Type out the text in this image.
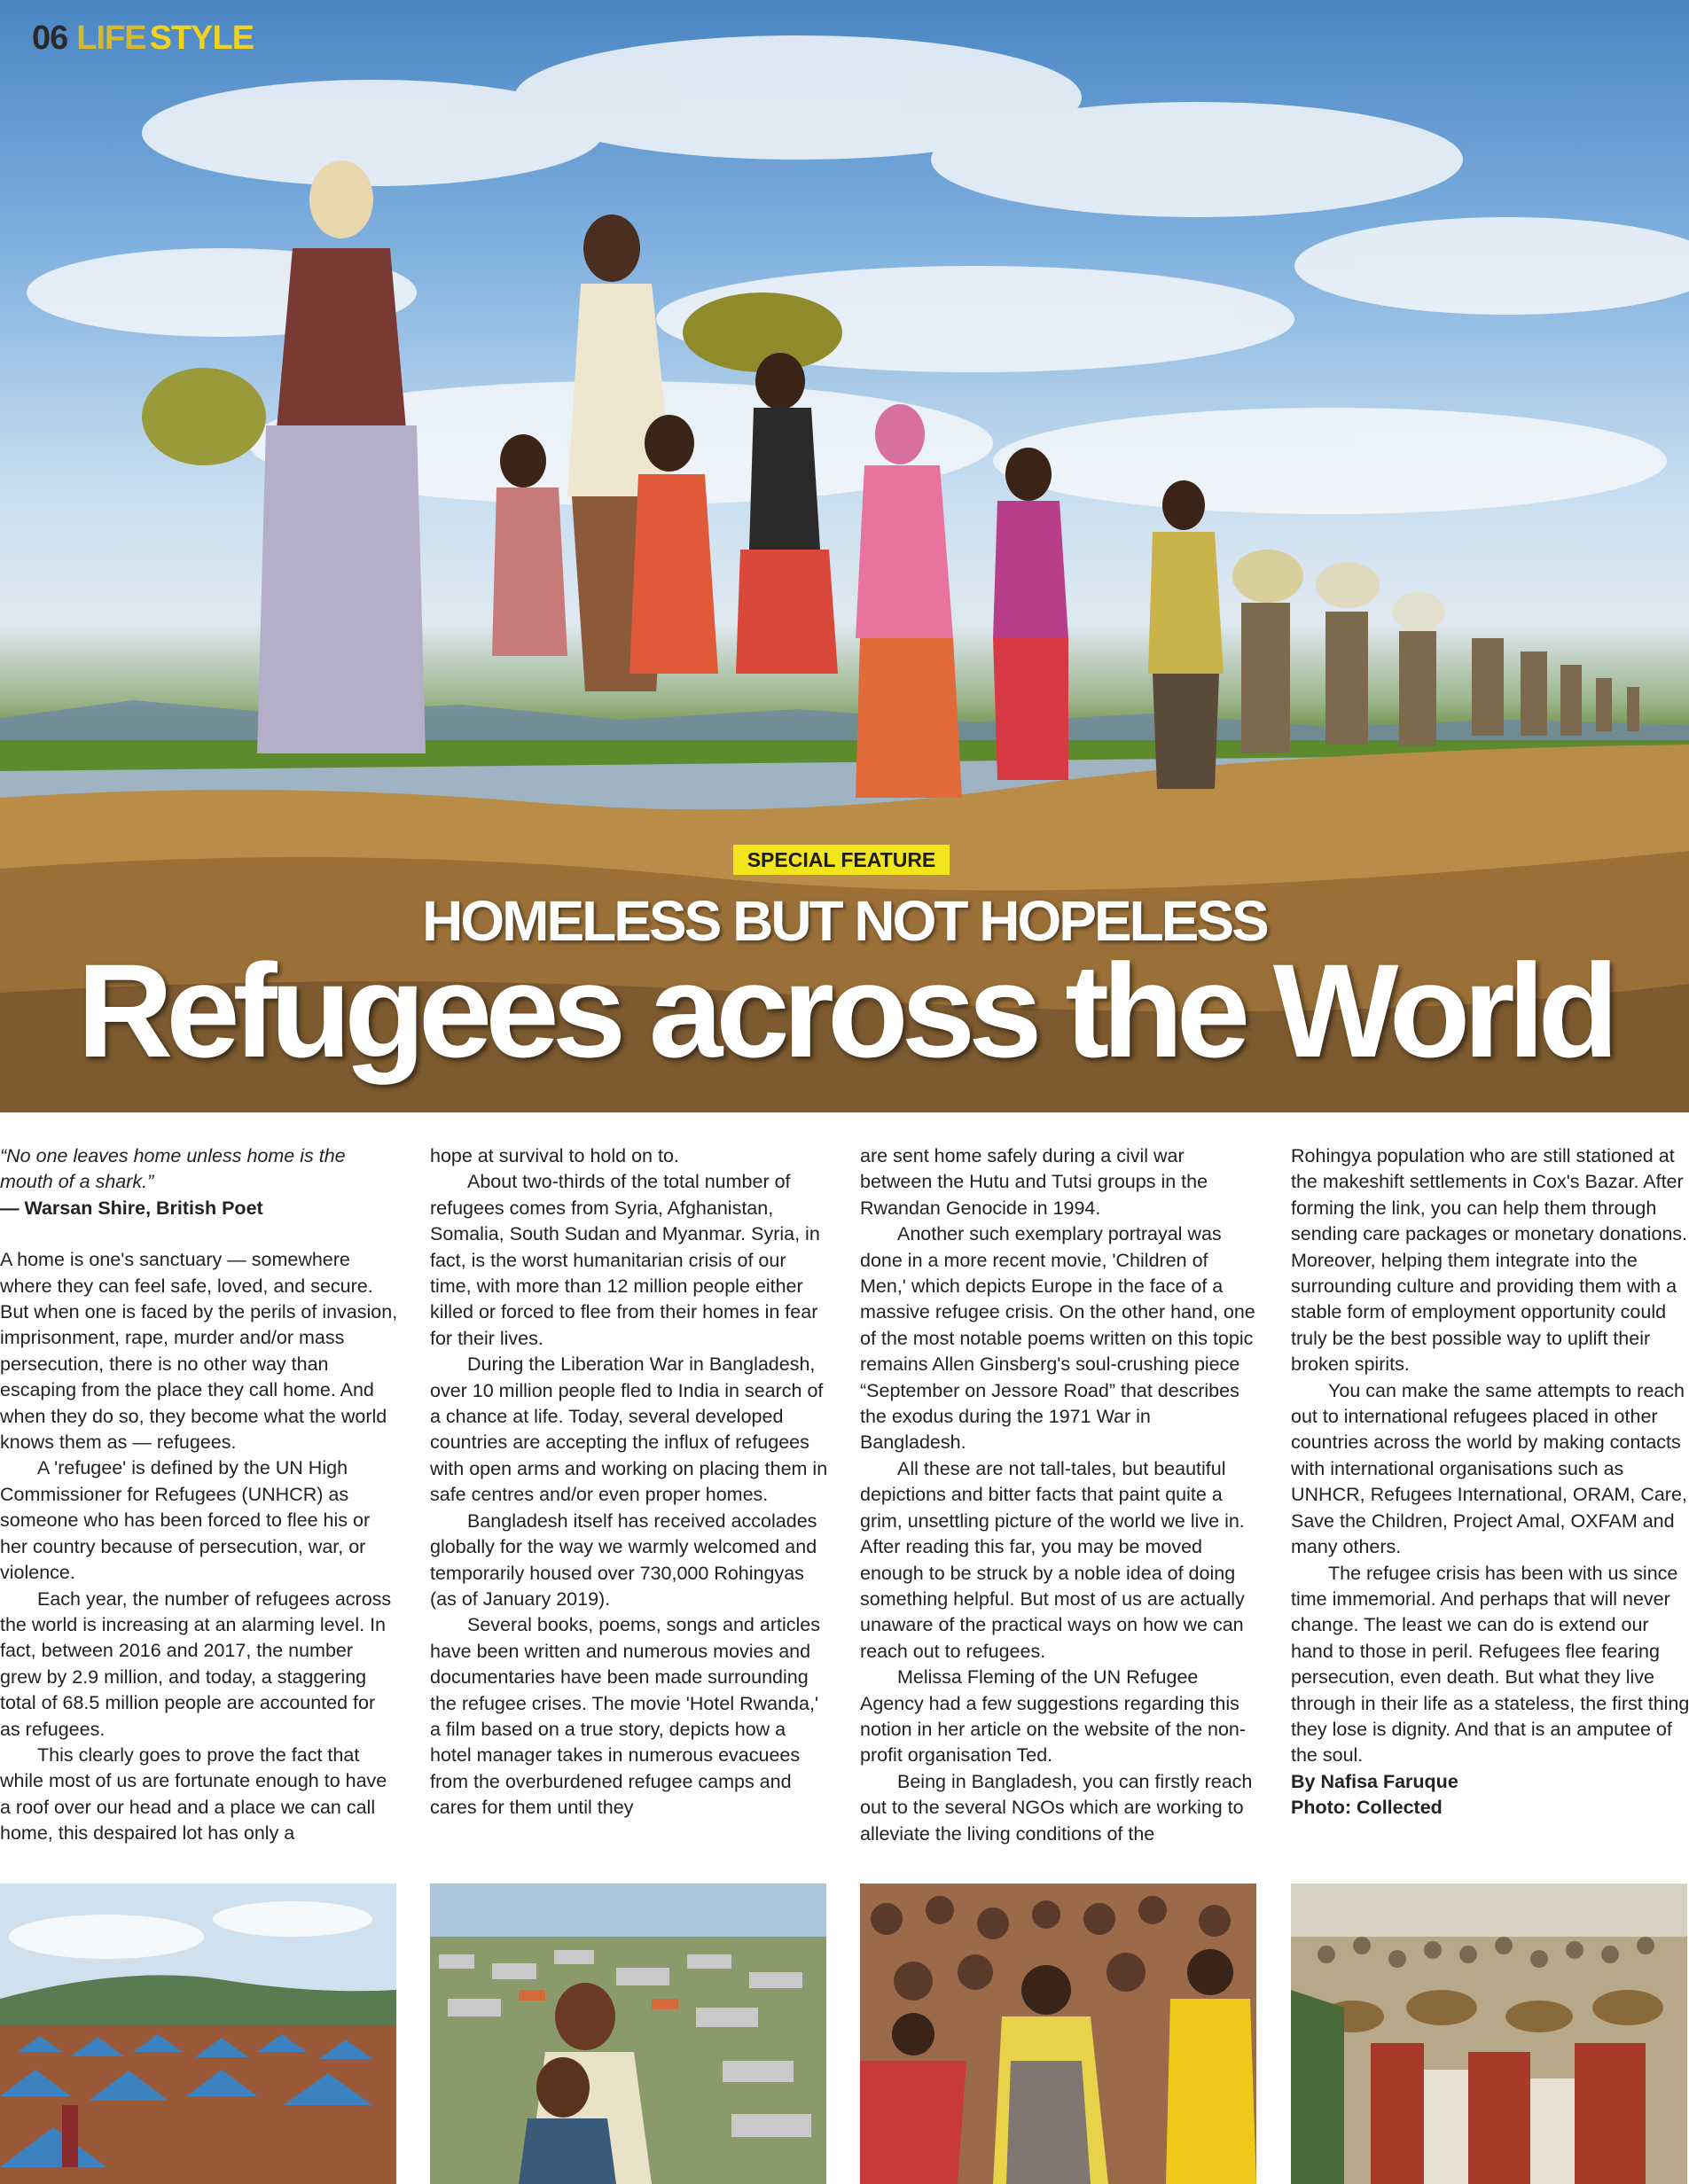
06 LIFE STYLE
SPECIAL FEATURE
HOMELESS BUT NOT HOPELESS
Refugees across the World

“No one leaves home unless home is the mouth of a shark.”

— Warsan Shire, British Poet

A home is one's sanctuary — somewhere where they can feel safe, loved, and secure. But when one is faced by the perils of invasion, imprisonment, rape, murder and/or mass persecution, there is no other way than escaping from the place they call home. And when they do so, they become what the world knows them as — refugees.

A 'refugee' is defined by the UN High Commissioner for Refugees (UNHCR) as someone who has been forced to flee his or her country because of persecution, war, or violence.

Each year, the number of refugees across the world is increasing at an alarming level. In fact, between 2016 and 2017, the number grew by 2.9 million, and today, a staggering total of 68.5 million people are accounted for as refugees.

This clearly goes to prove the fact that while most of us are fortunate enough to have a roof over our head and a place we can call home, this despaired lot has only a

hope at survival to hold on to.

About two-thirds of the total number of refugees comes from Syria, Afghanistan, Somalia, South Sudan and Myanmar. Syria, in fact, is the worst humanitarian crisis of our time, with more than 12 million people either killed or forced to flee from their homes in fear for their lives.

During the Liberation War in Bangladesh, over 10 million people fled to India in search of a chance at life. Today, several developed countries are accepting the influx of refugees with open arms and working on placing them in safe centres and/or even proper homes.

Bangladesh itself has received accolades globally for the way we warmly welcomed and temporarily housed over 730,000 Rohingyas (as of January 2019).

Several books, poems, songs and articles have been written and numerous movies and documentaries have been made surrounding the refugee crises. The movie 'Hotel Rwanda,' a film based on a true story, depicts how a hotel manager takes in numerous evacuees from the overburdened refugee camps and cares for them until they

are sent home safely during a civil war between the Hutu and Tutsi groups in the Rwandan Genocide in 1994.

Another such exemplary portrayal was done in a more recent movie, 'Children of Men,' which depicts Europe in the face of a massive refugee crisis. On the other hand, one of the most notable poems written on this topic remains Allen Ginsberg's soul-crushing piece “September on Jessore Road” that describes the exodus during the 1971 War in Bangladesh.

All these are not tall-tales, but beautiful depictions and bitter facts that paint quite a grim, unsettling picture of the world we live in. After reading this far, you may be moved enough to be struck by a noble idea of doing something helpful. But most of us are actually unaware of the practical ways on how we can reach out to refugees.

Melissa Fleming of the UN Refugee Agency had a few suggestions regarding this notion in her article on the website of the non-profit organisation Ted.

Being in Bangladesh, you can firstly reach out to the several NGOs which are working to alleviate the living conditions of the

Rohingya population who are still stationed at the makeshift settlements in Cox's Bazar. After forming the link, you can help them through sending care packages or monetary donations. Moreover, helping them integrate into the surrounding culture and providing them with a stable form of employment opportunity could truly be the best possible way to uplift their broken spirits.

You can make the same attempts to reach out to international refugees placed in other countries across the world by making contacts with international organisations such as UNHCR, Refugees International, ORAM, Care, Save the Children, Project Amal, OXFAM and many others.

The refugee crisis has been with us since time immemorial. And perhaps that will never change. The least we can do is extend our hand to those in peril. Refugees flee fearing persecution, even death. But what they live through in their life as a stateless, the first thing they lose is dignity. And that is an amputee of the soul.

By Nafisa Faruque

Photo: Collected
